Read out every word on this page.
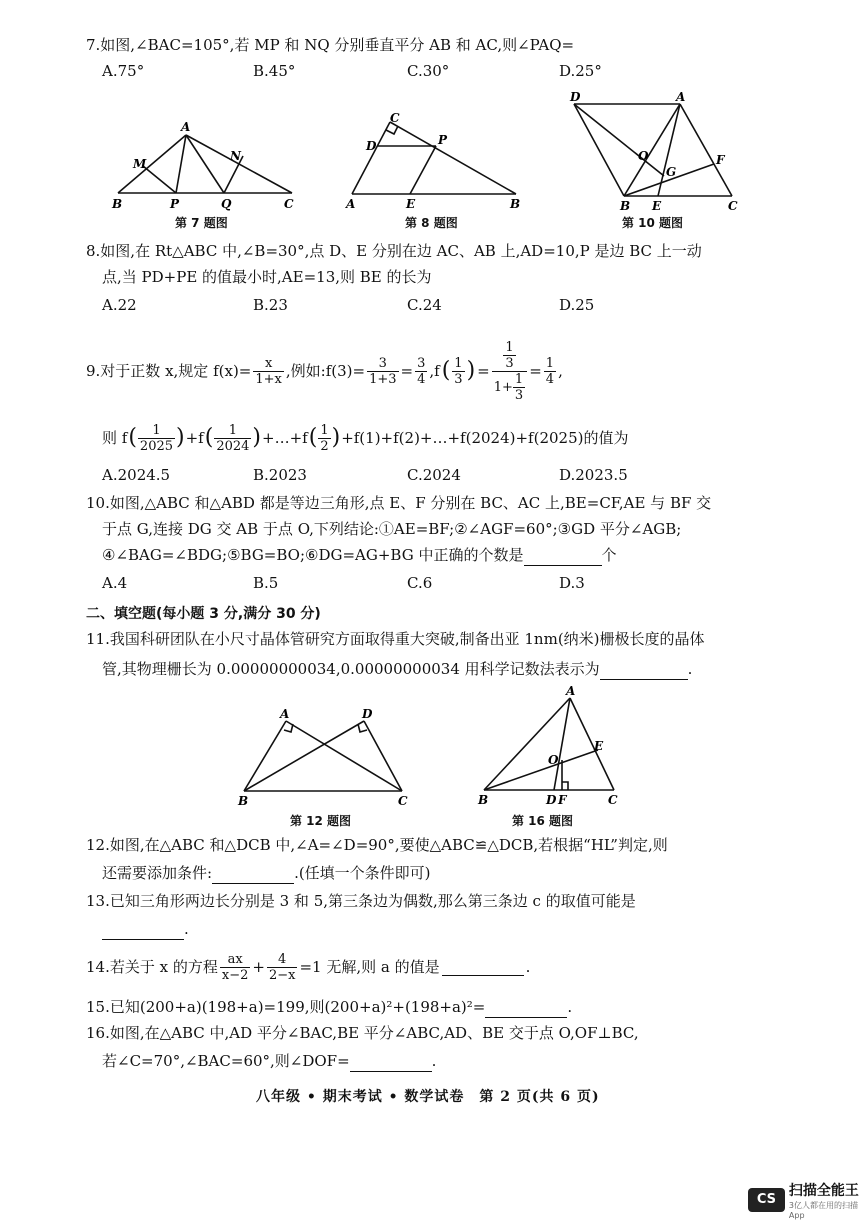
7.如图,∠BAC=105°,若 MP 和 NQ 分别垂直平分 AB 和 AC,则∠PAQ=
A.75°	B.45°	C.30°	D.25°
A
M
N
B	P	Q	C
第 7 题图
C
D	P
A	E	B
第 8 题图
D	A
O
G
F
B E	C
第 10 题图
8.如图,在 Rt△ABC 中,∠B=30°,点 D、E 分别在边 AC、AB 上,AD=10,P 是边 BC 上一动
点,当 PD+PE 的值最小时,AE=13,则 BE 的长为
A.22	B.23	C.24	D.25
9.对于正数 x,规定 $f(x)= \frac{x}{1+x}$ ,例如:f(3)= $\frac{3}{1+3} = \frac{3}{4} ,f$ ( $\frac{1}{3}$ ) = $\frac{\frac{1}{3}}{1+ \frac{1}{3}} = \frac{1}{4}$ ,
则 f ( $\frac{1}{2025}$ ) +f ( $\frac{1}{2024}$ ) +…+f ( $\frac{1}{2}$ ) +f(1)+f(2)+…+f(2024)+f(2025)的值为
A.2024.5	B.2023	C.2024	D.2023.5
10.如图,△ABC 和△ABD 都是等边三角形,点 E、F 分别在 BC、AC 上,BE=CF,AE 与 BF 交
于点 G,连接 DG 交 AB 于点 O,下列结论:①AE=BF;②∠AGF=60°;③GD 平分∠AGB;
④∠BAG=∠BDG;⑤BG=BO;⑥DG=AG+BG 中正确的个数是	个
A.4	B.5	C.6	D.3
二、填空题(每小题 3 分,满分 30 分)
11.我国科研团队在小尺寸晶体管研究方面取得重大突破,制备出亚 1nm(纳米)栅极长度的晶体
管,其物理栅长为 0.00000000034,0.00000000034 用科学记数法表示为	.
A	D
B	C
第 12 题图
A
E
O
B	D F	C
第 16 题图
12.如图,在△ABC 和△DCB 中,∠A=∠D=90°,要使△ABC≌△DCB,若根据“HL”判定,则
还需要添加条件:	.(任填一个条件即可)
13.已知三角形两边长分别是 3 和 5,第三条边为偶数,那么第三条边 c 的取值可能是
.
14.若关于 x 的方程 $\frac{ax}{x-2} + \frac{4}{2-x} =1$ 无解,则 a 的值是	.
15.已知(200+a)(198+a)=199,则(200+a)²+(198+a)²=	.
16.如图,在△ABC 中,AD 平分∠BAC,BE 平分∠ABC,AD、BE 交于点 O,OF⊥BC,
若∠C=70°,∠BAC=60°,则∠DOF=	.
八年级 • 期末考试 • 数学试卷　第 2 页(共 6 页)
CS
扫描全能王
3亿人都在用的扫描App
